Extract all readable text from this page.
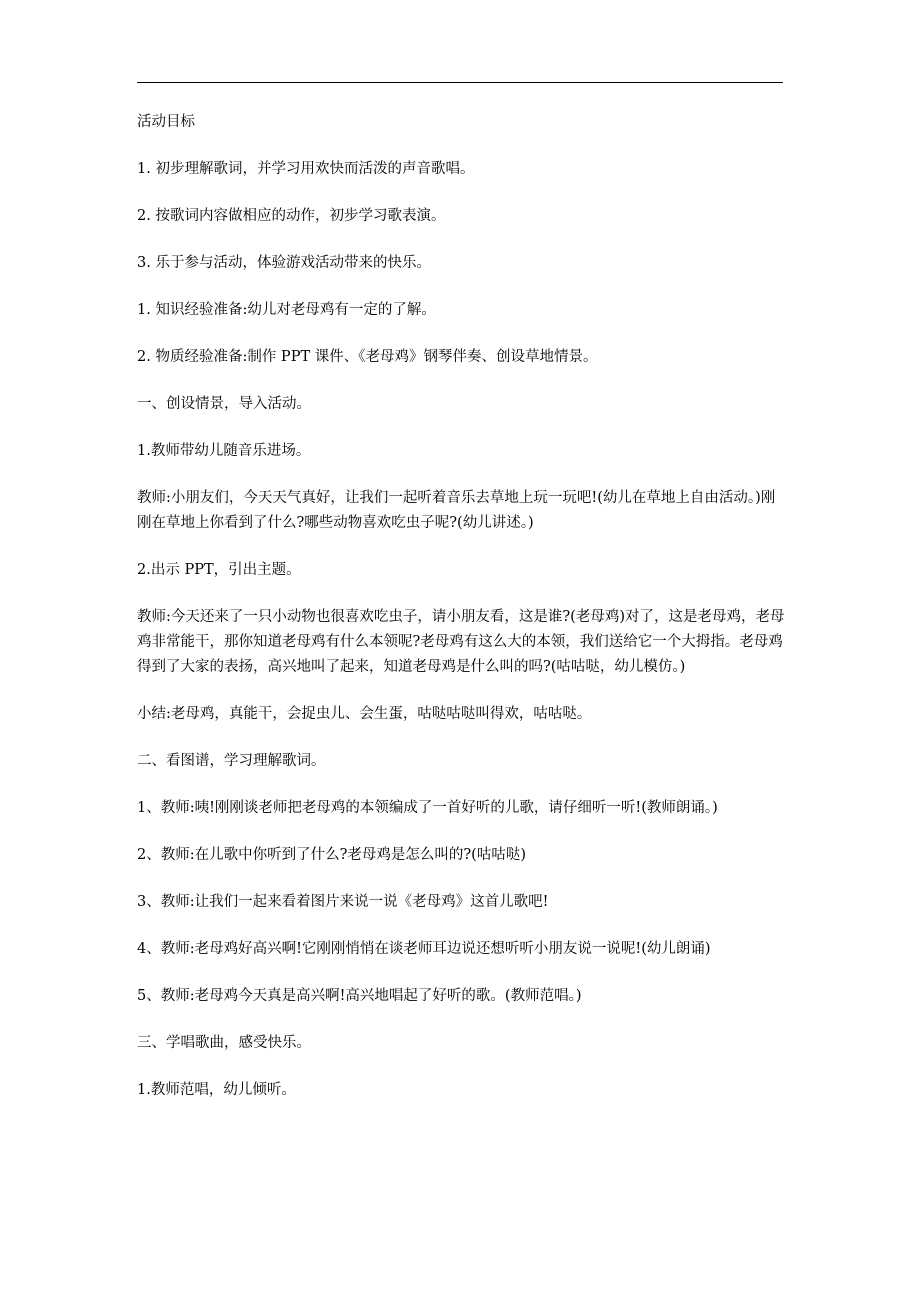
活动目标

1. 初步理解歌词，并学习用欢快而活泼的声音歌唱。

2. 按歌词内容做相应的动作，初步学习歌表演。

3. 乐于参与活动，体验游戏活动带来的快乐。

1. 知识经验准备:幼儿对老母鸡有一定的了解。

2. 物质经验准备:制作 PPT 课件、《老母鸡》钢琴伴奏、创设草地情景。

一、创设情景，导入活动。

1.教师带幼儿随音乐进场。

教师:小朋友们，今天天气真好，让我们一起听着音乐去草地上玩一玩吧!(幼儿在草地上自由活动。)刚刚在草地上你看到了什么?哪些动物喜欢吃虫子呢?(幼儿讲述。)

2.出示 PPT，引出主题。

教师:今天还来了一只小动物也很喜欢吃虫子，请小朋友看，这是谁?(老母鸡)对了，这是老母鸡，老母鸡非常能干，那你知道老母鸡有什么本领呢?老母鸡有这么大的本领，我们送给它一个大拇指。老母鸡得到了大家的表扬，高兴地叫了起来，知道老母鸡是什么叫的吗?(咕咕哒，幼儿模仿。)

小结:老母鸡，真能干，会捉虫儿、会生蛋，咕哒咕哒叫得欢，咕咕哒。

二、看图谱，学习理解歌词。

1、教师:咦!刚刚谈老师把老母鸡的本领编成了一首好听的儿歌，请仔细听一听!(教师朗诵。)

2、教师:在儿歌中你听到了什么?老母鸡是怎么叫的?(咕咕哒)

3、教师:让我们一起来看着图片来说一说《老母鸡》这首儿歌吧!

4、教师:老母鸡好高兴啊!它刚刚悄悄在谈老师耳边说还想听听小朋友说一说呢!(幼儿朗诵)

5、教师:老母鸡今天真是高兴啊!高兴地唱起了好听的歌。(教师范唱。)

三、学唱歌曲，感受快乐。

1.教师范唱，幼儿倾听。
